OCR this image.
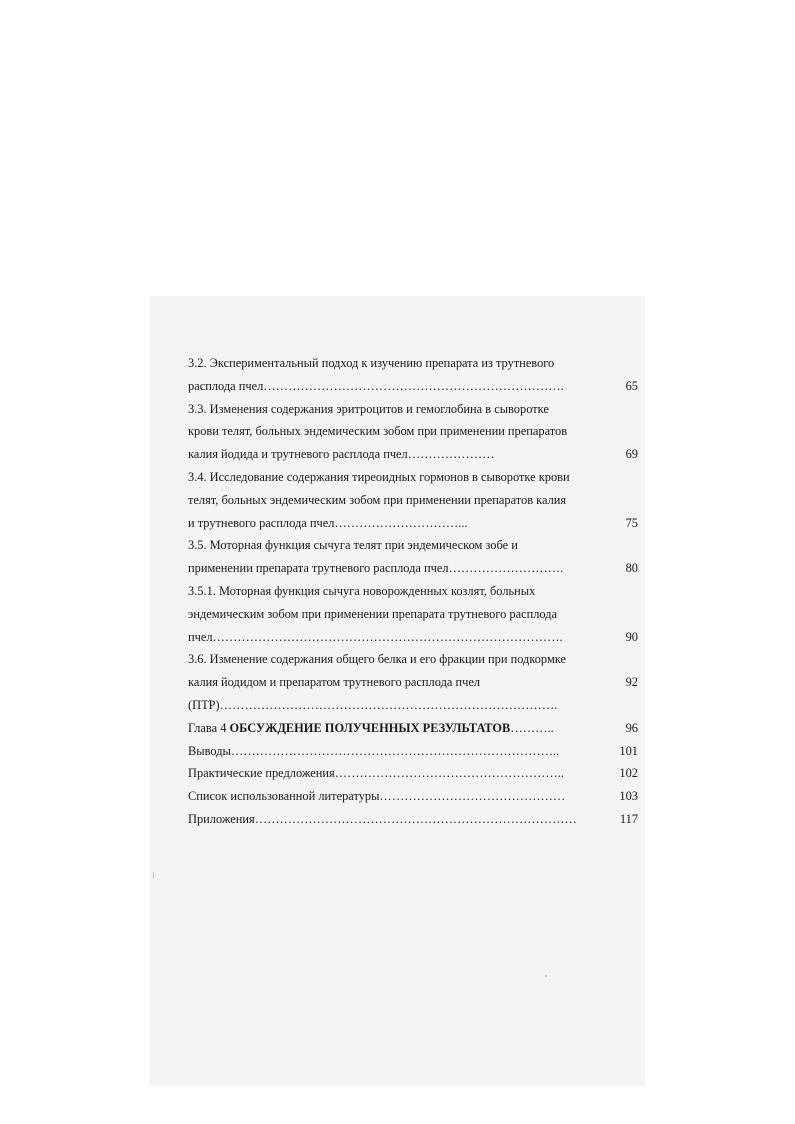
3.2. Экспериментальный подход к изучению препарата из трутневого
расплода пчел……………………………………………………………….	65
3.3. Изменения содержания эритроцитов и гемоглобина в сыворотке
крови телят, больных эндемическим зобом при применении препаратов
калия йодида и трутневого расплода пчел…………………	69
3.4. Исследование содержания тиреоидных гормонов в сыворотке крови
телят, больных эндемическим зобом при применении препаратов калия
и трутневого расплода пчел…………………………...	75
3.5. Моторная функция сычуга телят при эндемическом зобе и
применении препарата трутневого расплода пчел……………………….	80
3.5.1. Моторная функция сычуга новорожденных козлят, больных
эндемическим зобом при применении препарата трутневого расплода
пчел………………………………………………………………………….	90
3.6. Изменение содержания общего белка и его фракции при подкормке
калия йодидом и препаратом трутневого расплода пчел	92
(ПТР)……………………………………………………………………….
Глава 4 ОБСУЖДЕНИЕ ПОЛУЧЕННЫХ РЕЗУЛЬТАТОВ………..	96
Выводы……………………………………………………………………..	101
Практические предложения………………………………………………..	102
Список использованной литературы………………………………………	103
Приложения……………………………………………………………………	117
